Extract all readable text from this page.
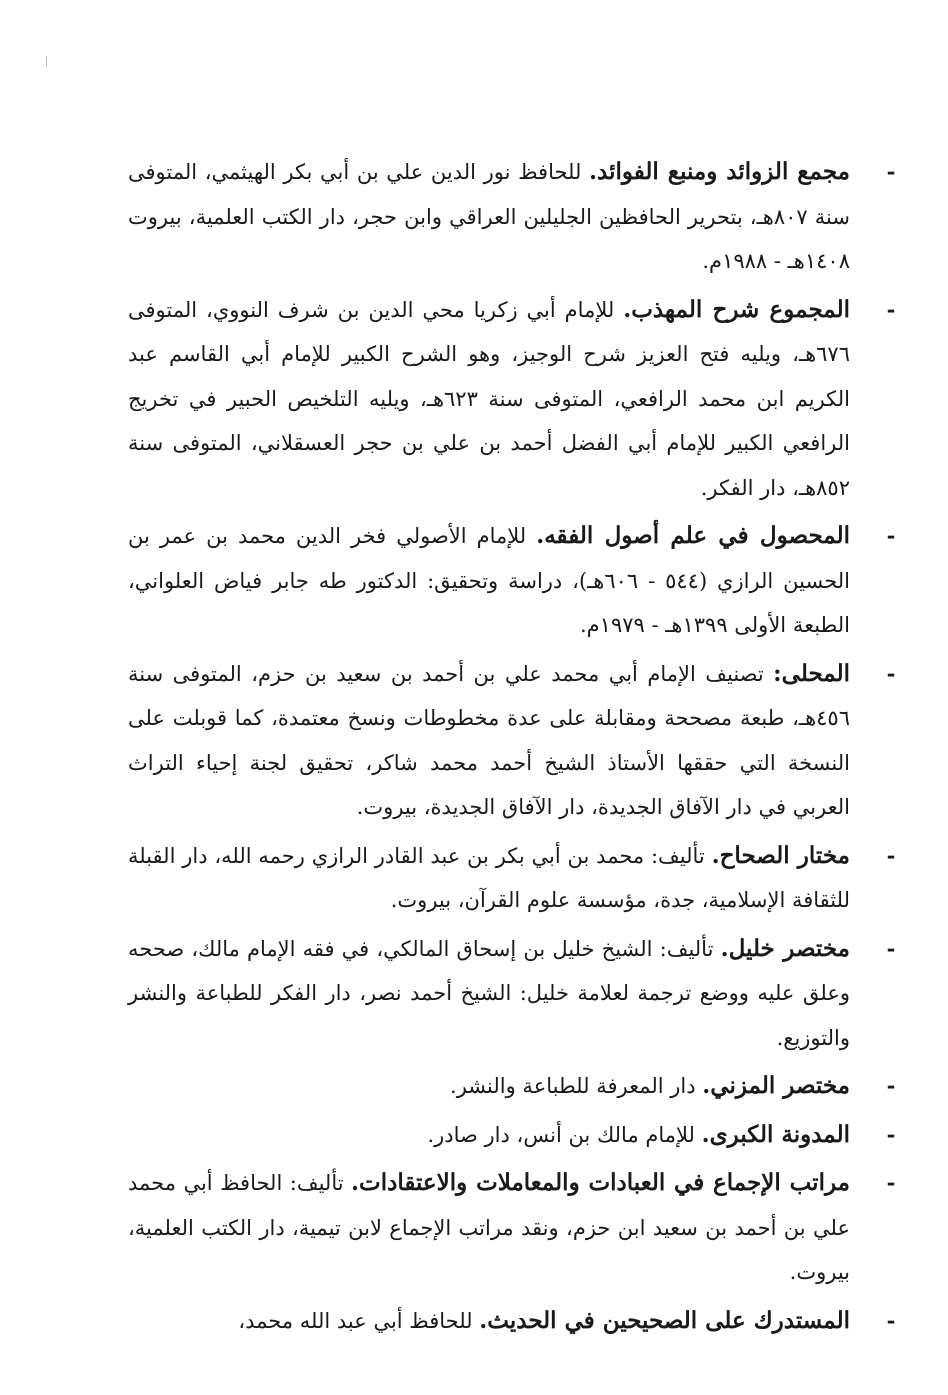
-
مجمع الزوائد ومنبع الفوائد. للحافظ نور الدين علي بن أبي بكر الهيثمي، المتوفى سنة ٨٠٧هـ، بتحرير الحافظين الجليلين العراقي وابن حجر، دار الكتب العلمية، بيروت ١٤٠٨هـ - ١٩٨٨م.
-
المجموع شرح المهذب. للإمام أبي زكريا محي الدين بن شرف النووي، المتوفى ٦٧٦هـ، ويليه فتح العزيز شرح الوجيز، وهو الشرح الكبير للإمام أبي القاسم عبد الكريم ابن محمد الرافعي، المتوفى سنة ٦٢٣هـ، ويليه التلخيص الحبير في تخريج الرافعي الكبير للإمام أبي الفضل أحمد بن علي بن حجر العسقلاني، المتوفى سنة ٨٥٢هـ، دار الفكر.
-
المحصول في علم أصول الفقه. للإمام الأصولي فخر الدين محمد بن عمر بن الحسين الرازي (٥٤٤ - ٦٠٦هـ)، دراسة وتحقيق: الدكتور طه جابر فياض العلواني، الطبعة الأولى ١٣٩٩هـ - ١٩٧٩م.
-
المحلى: تصنيف الإمام أبي محمد علي بن أحمد بن سعيد بن حزم، المتوفى سنة ٤٥٦هـ، طبعة مصححة ومقابلة على عدة مخطوطات ونسخ معتمدة، كما قوبلت على النسخة التي حققها الأستاذ الشيخ أحمد محمد شاكر، تحقيق لجنة إحياء التراث العربي في دار الآفاق الجديدة، دار الآفاق الجديدة، بيروت.
-
مختار الصحاح. تأليف: محمد بن أبي بكر بن عبد القادر الرازي رحمه الله، دار القبلة للثقافة الإسلامية، جدة، مؤسسة علوم القرآن، بيروت.
-
مختصر خليل. تأليف: الشيخ خليل بن إسحاق المالكي، في فقه الإمام مالك، صححه وعلق عليه ووضع ترجمة لعلامة خليل: الشيخ أحمد نصر، دار الفكر للطباعة والنشر والتوزيع.
-
مختصر المزني. دار المعرفة للطباعة والنشر.
-
المدونة الكبرى. للإمام مالك بن أنس، دار صادر.
-
مراتب الإجماع في العبادات والمعاملات والاعتقادات. تأليف: الحافظ أبي محمد علي بن أحمد بن سعيد ابن حزم، ونقد مراتب الإجماع لابن تيمية، دار الكتب العلمية، بيروت.
-
المستدرك على الصحيحين في الحديث. للحافظ أبي عبد الله محمد،
